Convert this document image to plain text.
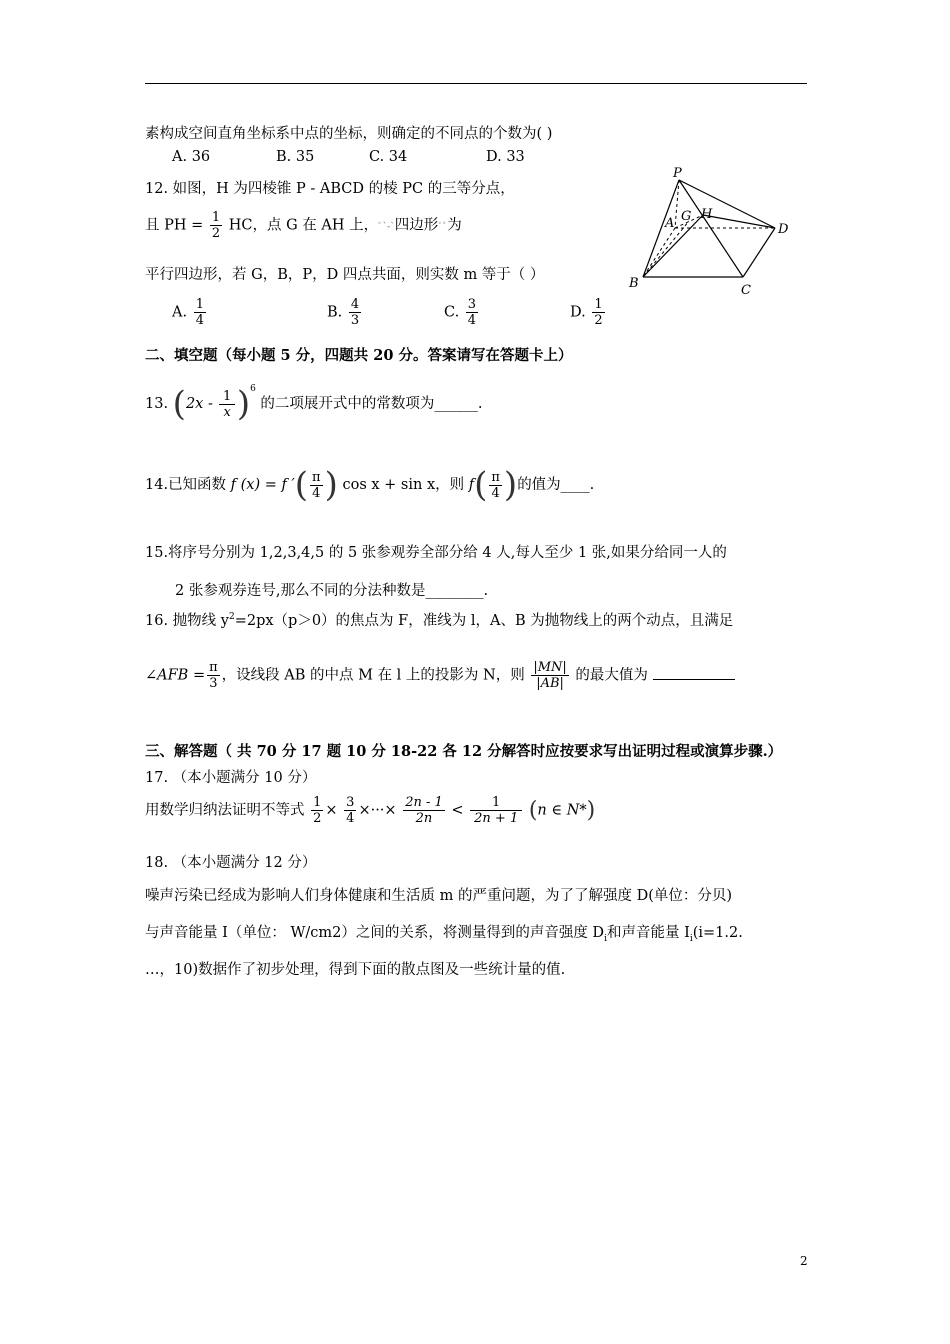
素构成空间直角坐标系中点的坐标，则确定的不同点的个数为( )
A. 36	B. 35	C. 34	D. 33
12. 如图，H 为四棱锥 P - ABCD 的棱 PC 的三等分点，
且 PH = $\frac{1}{2}$ HC，点 G 在 AH 上，ﾟ`-`四边形ﾟﾟ为
平行四边形，若 G，B，P，D 四点共面，则实数 m 等于（ ）
A. $\frac{1}{4}$	B. $\frac{4}{3}$	C. $\frac{3}{4}$	D. $\frac{1}{2}$
P
A G H
D
B	C
二、填空题（每小题 5 分，四题共 20 分。答案请写在答题卡上）
13. $(2x - \frac{1}{x} )^6$ 的二项展开式中的常数项为______.
14.已知函数 f (x) = f ′( $\frac{\pi}{4}$ ) cos x + sin x，则 $f( \frac{\pi}{4}$ )的值为____.
15.将序号分别为 1,2,3,4,5 的 5 张参观券全部分给 4 人,每人至少 1 张,如果分给同一人的
2 张参观券连号,那么不同的分法种数是________.
16. 抛物线 $y^2=2px(p>0)$的焦点为 F，准线为 l，A、B 为抛物线上的两个动点，且满足
∠AFB = $\frac{\pi}{3}$ ，设线段 AB 的中点 M 在 l 上的投影为 N，则 $\frac{|MN|}{|AB|}$ 的最大值为
三、解答题（ 共 70 分 17 题 10 分 18-22 各 12 分解答时应按要求写出证明过程或演算步骤.）
17. （本小题满分 10 分）
用数学归纳法证明不等式 $\frac{1}{2} \times \frac{3}{4}$ ×···× $\frac{2n - 1}{2n} < \frac{1}{2n + 1} (n$ ∈ N*)
18. （本小题满分 12 分）
噪声污染已经成为影响人们身体健康和生活质 m 的严重问题，为了了解强度 D(单位：分贝)
与声音能量 I（单位： W/cm2）之间的关系，将测量得到的声音强度 $D_i$和声音能量 $I_i(i=1.2$.
…，10)数据作了初步处理，得到下面的散点图及一些统计量的值.
2
